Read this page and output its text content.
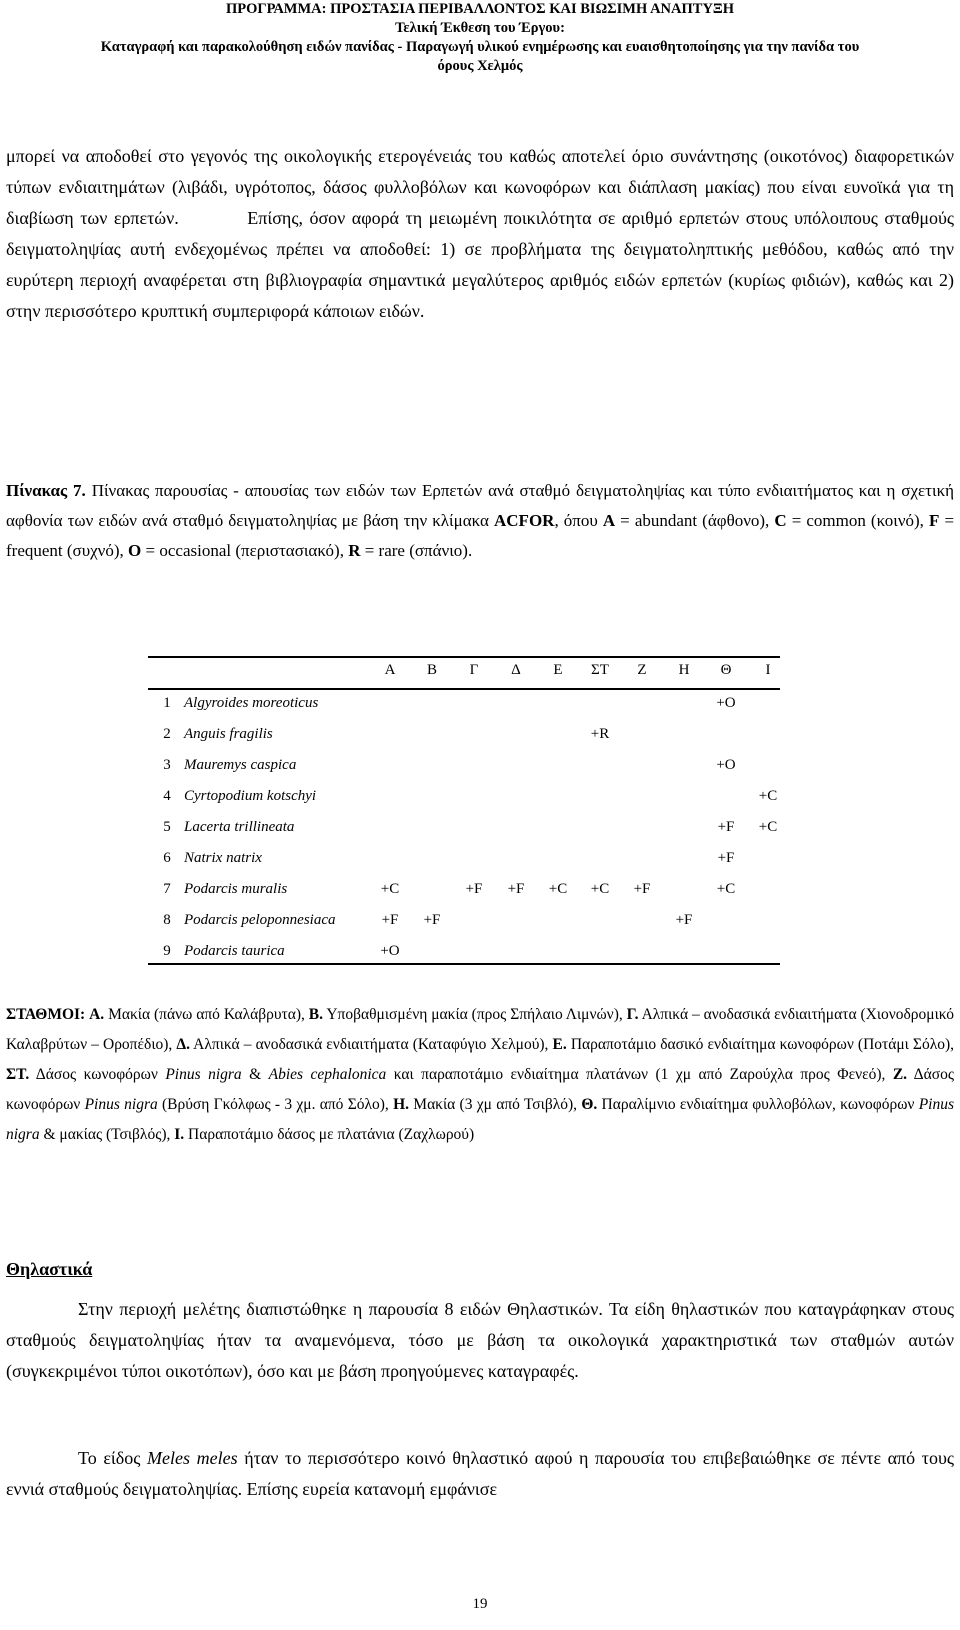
ΠΡΟΓΡΑΜΜΑ: ΠΡΟΣΤΑΣΙΑ ΠΕΡΙΒΑΛΛΟΝΤΟΣ ΚΑΙ ΒΙΩΣΙΜΗ ΑΝΑΠΤΥΞΗ
Τελική Έκθεση του Έργου:
Καταγραφή και παρακολούθηση ειδών πανίδας - Παραγωγή υλικού ενημέρωσης και ευαισθητοποίησης για την πανίδα του
όρους Χελμός
μπορεί να αποδοθεί στο γεγονός της οικολογικής ετερογένειάς του καθώς αποτελεί όριο συνάντησης (οικοτόνος) διαφορετικών τύπων ενδιαιτημάτων (λιβάδι, υγρότοπος, δάσος φυλλοβόλων και κωνοφόρων και διάπλαση μακίας) που είναι ευνοϊκά για τη διαβίωση των ερπετών.	Επίσης, όσον αφορά τη μειωμένη ποικιλότητα σε αριθμό ερπετών στους υπόλοιπους σταθμούς δειγματοληψίας αυτή ενδεχομένως πρέπει να αποδοθεί: 1) σε προβλήματα της δειγματοληπτικής μεθόδου, καθώς από την ευρύτερη περιοχή αναφέρεται στη βιβλιογραφία σημαντικά μεγαλύτερος αριθμός ειδών ερπετών (κυρίως φιδιών), καθώς και 2) στην περισσότερο κρυπτική συμπεριφορά κάποιων ειδών.
Πίνακας 7. Πίνακας παρουσίας - απουσίας των ειδών των Ερπετών ανά σταθμό δειγματοληψίας και τύπο ενδιαιτήματος και η σχετική αφθονία των ειδών ανά σταθμό δειγματοληψίας με βάση την κλίμακα ACFOR, όπου A = abundant (άφθονο), C = common (κοινό), F = frequent (συχνό), O = occasional (περιστασιακό), R = rare (σπάνιο).
		Α	Β	Γ	Δ	Ε	ΣΤ	Ζ	Η	Θ	Ι
1	Algyroides moreoticus									+O	
2	Anguis fragilis						+R				
3	Mauremys caspica									+O	
4	Cyrtopodium kotschyi										+C
5	Lacerta trillineata									+F	+C
6	Natrix natrix									+F	
7	Podarcis muralis	+C		+F	+F	+C	+C	+F		+C	
8	Podarcis peloponnesiaca	+F	+F						+F		
9	Podarcis taurica	+O									
ΣΤΑΘΜΟΙ: Α. Μακία (πάνω από Καλάβρυτα), Β. Υποβαθμισμένη μακία (προς Σπήλαιο Λιμνών), Γ. Αλπικά – ανοδασικά ενδιαιτήματα (Χιονοδρομικό Καλαβρύτων – Οροπέδιο), Δ. Αλπικά – ανοδασικά ενδιαιτήματα (Καταφύγιο Χελμού), Ε. Παραποτάμιο δασικό ενδιαίτημα κωνοφόρων (Ποτάμι Σόλο), ΣΤ. Δάσος κωνοφόρων Pinus nigra & Abies cephalonica και παραποτάμιο ενδιαίτημα πλατάνων (1 χμ από Ζαρούχλα προς Φενεό), Ζ. Δάσος κωνοφόρων Pinus nigra (Βρύση Γκόλφως - 3 χμ. από Σόλο), Η. Μακία (3 χμ από Τσιβλό), Θ. Παραλίμνιο ενδιαίτημα φυλλοβόλων, κωνοφόρων Pinus nigra & μακίας (Τσιβλός), Ι. Παραποτάμιο δάσος με πλατάνια (Ζαχλωρού)
Θηλαστικά
Στην περιοχή μελέτης διαπιστώθηκε η παρουσία 8 ειδών Θηλαστικών. Τα είδη θηλαστικών που καταγράφηκαν στους σταθμούς δειγματοληψίας ήταν τα αναμενόμενα, τόσο με βάση τα οικολογικά χαρακτηριστικά των σταθμών αυτών (συγκεκριμένοι τύποι οικοτόπων), όσο και με βάση προηγούμενες καταγραφές.
Το είδος Meles meles ήταν το περισσότερο κοινό θηλαστικό αφού η παρουσία του επιβεβαιώθηκε σε πέντε από τους εννιά σταθμούς δειγματοληψίας. Επίσης ευρεία κατανομή εμφάνισε
19
